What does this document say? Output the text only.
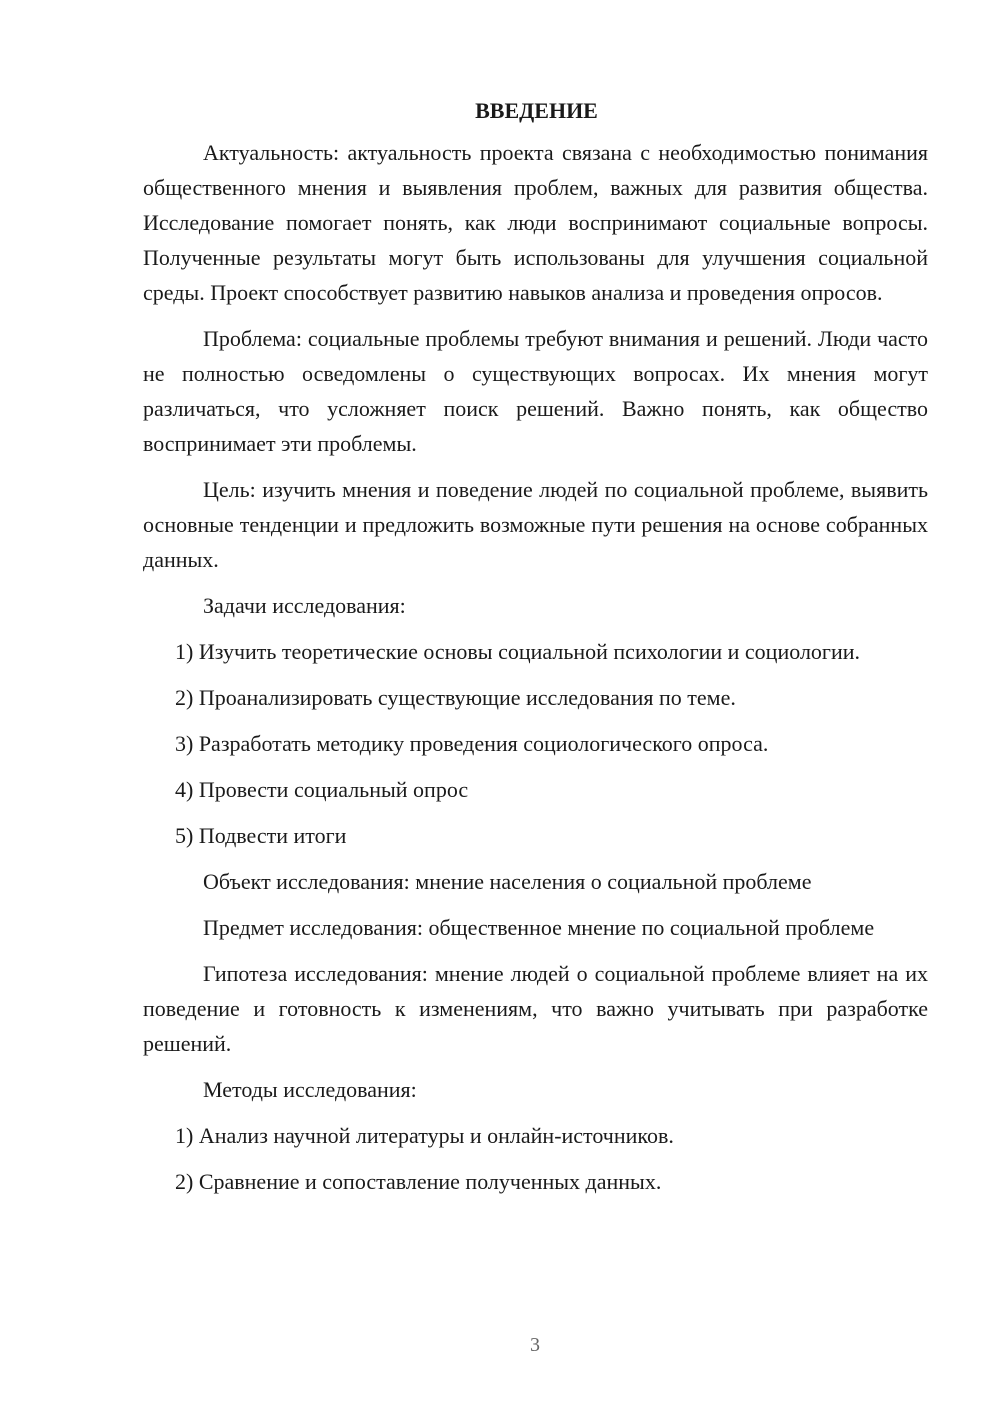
ВВЕДЕНИЕ

Актуальность: актуальность проекта связана с необходимостью понимания общественного мнения и выявления проблем, важных для развития общества. Исследование помогает понять, как люди воспринимают социальные вопросы. Полученные результаты могут быть использованы для улучшения социальной среды. Проект способствует развитию навыков анализа и проведения опросов.

Проблема: социальные проблемы требуют внимания и решений. Люди часто не полностью осведомлены о существующих вопросах. Их мнения могут различаться, что усложняет поиск решений. Важно понять, как общество воспринимает эти проблемы.

Цель: изучить мнения и поведение людей по социальной проблеме, выявить основные тенденции и предложить возможные пути решения на основе собранных данных.

Задачи исследования:

1) Изучить теоретические основы социальной психологии и социологии.

2) Проанализировать существующие исследования по теме.

3) Разработать методику проведения социологического опроса.

4) Провести социальный опрос

5) Подвести итоги

Объект исследования: мнение населения о социальной проблеме

Предмет исследования: общественное мнение по социальной проблеме

Гипотеза исследования: мнение людей о социальной проблеме влияет на их поведение и готовность к изменениям, что важно учитывать при разработке решений.

Методы исследования:

1) Анализ научной литературы и онлайн-источников.

2) Сравнение и сопоставление полученных данных.

3
